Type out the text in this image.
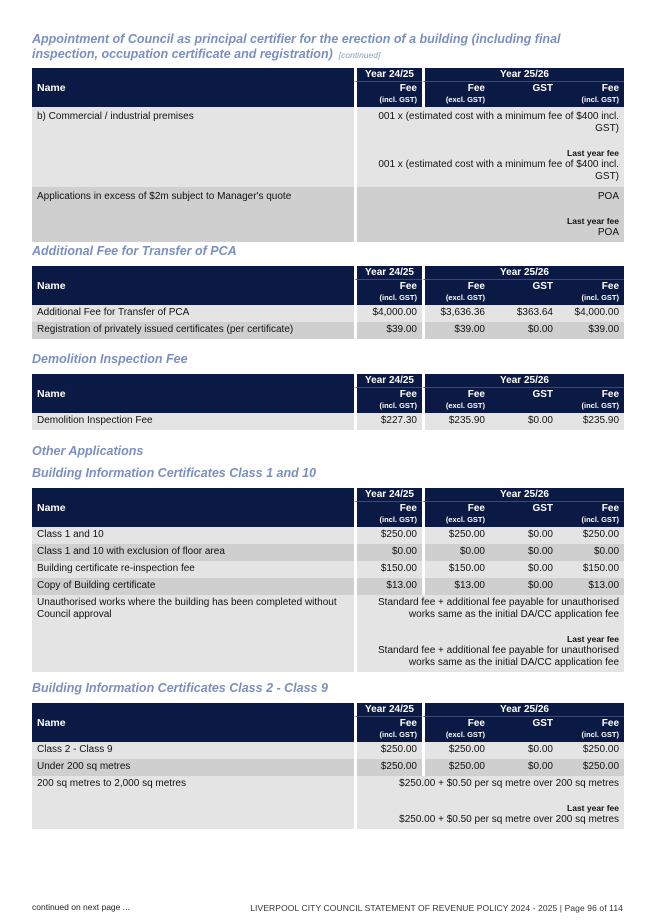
Appointment of Council as principal certifier for the erection of a building (including final inspection, occupation certificate and registration) [continued]
Name	Year 24/25	Year 25/26		
	Fee	Fee	GST	Fee
	(incl. GST)	(excl. GST)		(incl. GST)
b) Commercial / industrial premises	001 x (estimated cost with a minimum fee of $400 incl. GST)
Last year fee
001 x (estimated cost with a minimum fee of $400 incl. GST)			
Applications in excess of $2m subject to Manager's quote	POA
Last year fee
POA			
Additional Fee for Transfer of PCA
Name	Year 24/25	Year 25/26		
	Fee	Fee	GST	Fee
	(incl. GST)	(excl. GST)		(incl. GST)
Additional Fee for Transfer of PCA	$4,000.00	$3,636.36	$363.64	$4,000.00
Registration of privately issued certificates (per certificate)	$39.00	$39.00	$0.00	$39.00
Demolition Inspection Fee
Name	Year 24/25	Year 25/26		
	Fee	Fee	GST	Fee
	(incl. GST)	(excl. GST)		(incl. GST)
Demolition Inspection Fee	$227.30	$235.90	$0.00	$235.90
Other Applications
Building Information Certificates Class 1 and 10
Name	Year 24/25	Year 25/26		
	Fee	Fee	GST	Fee
	(incl. GST)	(excl. GST)		(incl. GST)
Class 1 and 10	$250.00	$250.00	$0.00	$250.00
Class 1 and 10 with exclusion of floor area	$0.00	$0.00	$0.00	$0.00
Building certificate re-inspection fee	$150.00	$150.00	$0.00	$150.00
Copy of Building certificate	$13.00	$13.00	$0.00	$13.00
Unauthorised works where the building has been completed without Council approval	Standard fee + additional fee payable for unauthorised works same as the initial DA/CC application fee
Last year fee
Standard fee + additional fee payable for unauthorised works same as the initial DA/CC application fee			
Building Information Certificates Class 2 - Class 9
Name	Year 24/25	Year 25/26		
	Fee	Fee	GST	Fee
	(incl. GST)	(excl. GST)		(incl. GST)
Class 2 - Class 9	$250.00	$250.00	$0.00	$250.00
Under 200 sq metres	$250.00	$250.00	$0.00	$250.00
200 sq metres to 2,000 sq metres	$250.00 + $0.50 per sq metre over 200 sq metres
Last year fee
$250.00 + $0.50 per sq metre over 200 sq metres			
continued on next page ...	LIVERPOOL CITY COUNCIL STATEMENT OF REVENUE POLICY 2024 - 2025 | Page 96 of 114
